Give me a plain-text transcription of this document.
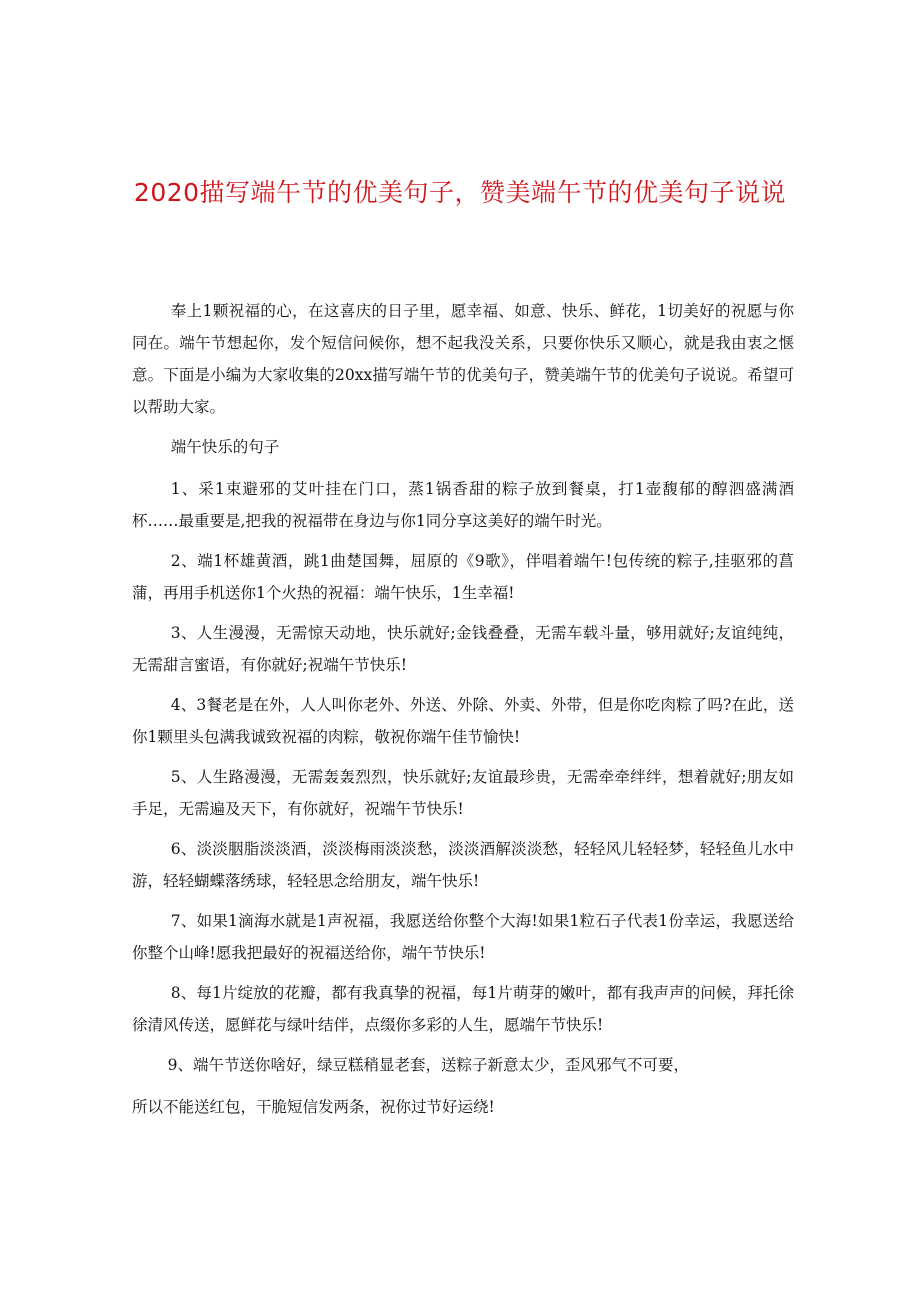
2020描写端午节的优美句子，赞美端午节的优美句子说说

奉上1颗祝福的心，在这喜庆的日子里，愿幸福、如意、快乐、鲜花，1切美好的祝愿与你同在。端午节想起你，发个短信问候你，想不起我没关系，只要你快乐又顺心，就是我由衷之惬意。下面是小编为大家收集的20xx描写端午节的优美句子，赞美端午节的优美句子说说。希望可以帮助大家。

端午快乐的句子

1、采1束避邪的艾叶挂在门口，蒸1锅香甜的粽子放到餐桌，打1壶馥郁的醇泗盛满酒杯……最重要是,把我的祝福带在身边与你1同分享这美好的端午时光。

2、端1杯雄黄酒，跳1曲楚国舞，屈原的《9歌》，伴唱着端午!包传统的粽子,挂驱邪的菖蒲，再用手机送你1个火热的祝福：端午快乐，1生幸福!

3、人生漫漫，无需惊天动地，快乐就好;金钱叠叠，无需车载斗量，够用就好;友谊纯纯，无需甜言蜜语，有你就好;祝端午节快乐!

4、3餐老是在外，人人叫你老外、外送、外除、外卖、外带，但是你吃肉粽了吗?在此，送你1颗里头包满我诚致祝福的肉粽，敬祝你端午佳节愉快!

5、人生路漫漫，无需轰轰烈烈，快乐就好;友谊最珍贵，无需牵牵绊绊，想着就好;朋友如手足，无需遍及天下，有你就好，祝端午节快乐!

6、淡淡胭脂淡淡酒，淡淡梅雨淡淡愁，淡淡酒解淡淡愁，轻轻风儿轻轻梦，轻轻鱼儿水中游，轻轻蝴蝶落绣球，轻轻思念给朋友，端午快乐!

7、如果1滴海水就是1声祝福，我愿送给你整个大海!如果1粒石子代表1份幸运，我愿送给你整个山峰!愿我把最好的祝福送给你，端午节快乐!

8、每1片绽放的花瓣，都有我真挚的祝福，每1片萌芽的嫩叶，都有我声声的问候，拜托徐徐清风传送，愿鲜花与绿叶结伴，点缀你多彩的人生，愿端午节快乐!

9、端午节送你啥好，绿豆糕稍显老套，送粽子新意太少，歪风邪气不可要，

所以不能送红包，干脆短信发两条，祝你过节好运绕!
